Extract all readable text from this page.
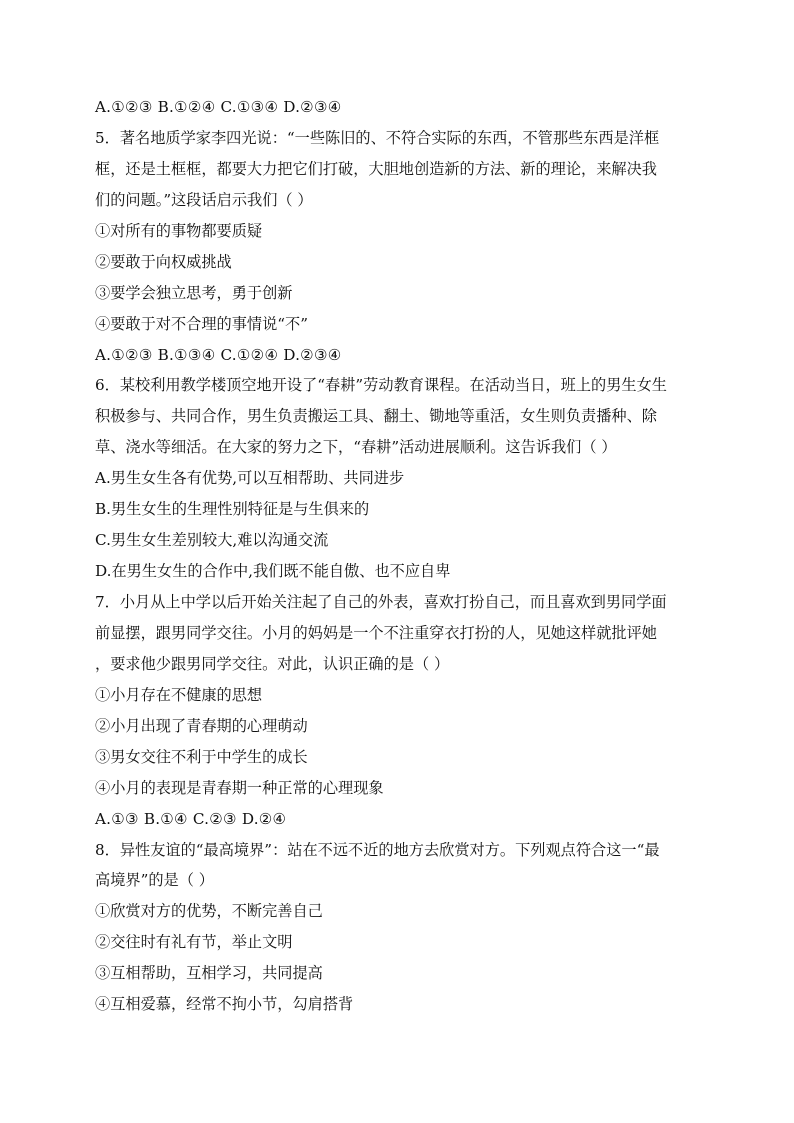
A.①②③ B.①②④ C.①③④ D.②③④
5．著名地质学家李四光说：“一些陈旧的、不符合实际的东西，不管那些东西是洋框
框，还是土框框，都要大力把它们打破，大胆地创造新的方法、新的理论，来解决我
们的问题。”这段话启示我们（ ）
①对所有的事物都要质疑
②要敢于向权威挑战
③要学会独立思考，勇于创新
④要敢于对不合理的事情说“不”
A.①②③ B.①③④ C.①②④ D.②③④
6．某校利用教学楼顶空地开设了“春耕”劳动教育课程。在活动当日，班上的男生女生
积极参与、共同合作，男生负责搬运工具、翻土、锄地等重活，女生则负责播种、除
草、浇水等细活。在大家的努力之下，“春耕”活动进展顺利。这告诉我们（ ）
A.男生女生各有优势,可以互相帮助、共同进步
B.男生女生的生理性别特征是与生俱来的
C.男生女生差别较大,难以沟通交流
D.在男生女生的合作中,我们既不能自傲、也不应自卑
7．小月从上中学以后开始关注起了自己的外表，喜欢打扮自己，而且喜欢到男同学面
前显摆，跟男同学交往。小月的妈妈是一个不注重穿衣打扮的人，见她这样就批评她
，要求他少跟男同学交往。对此，认识正确的是（ ）
①小月存在不健康的思想
②小月出现了青春期的心理萌动
③男女交往不利于中学生的成长
④小月的表现是青春期一种正常的心理现象
A.①③ B.①④ C.②③ D.②④
8．异性友谊的“最高境界”：站在不远不近的地方去欣赏对方。下列观点符合这一“最
高境界”的是（ ）
①欣赏对方的优势，不断完善自己
②交往时有礼有节，举止文明
③互相帮助，互相学习，共同提高
④互相爱慕，经常不拘小节，勾肩搭背
